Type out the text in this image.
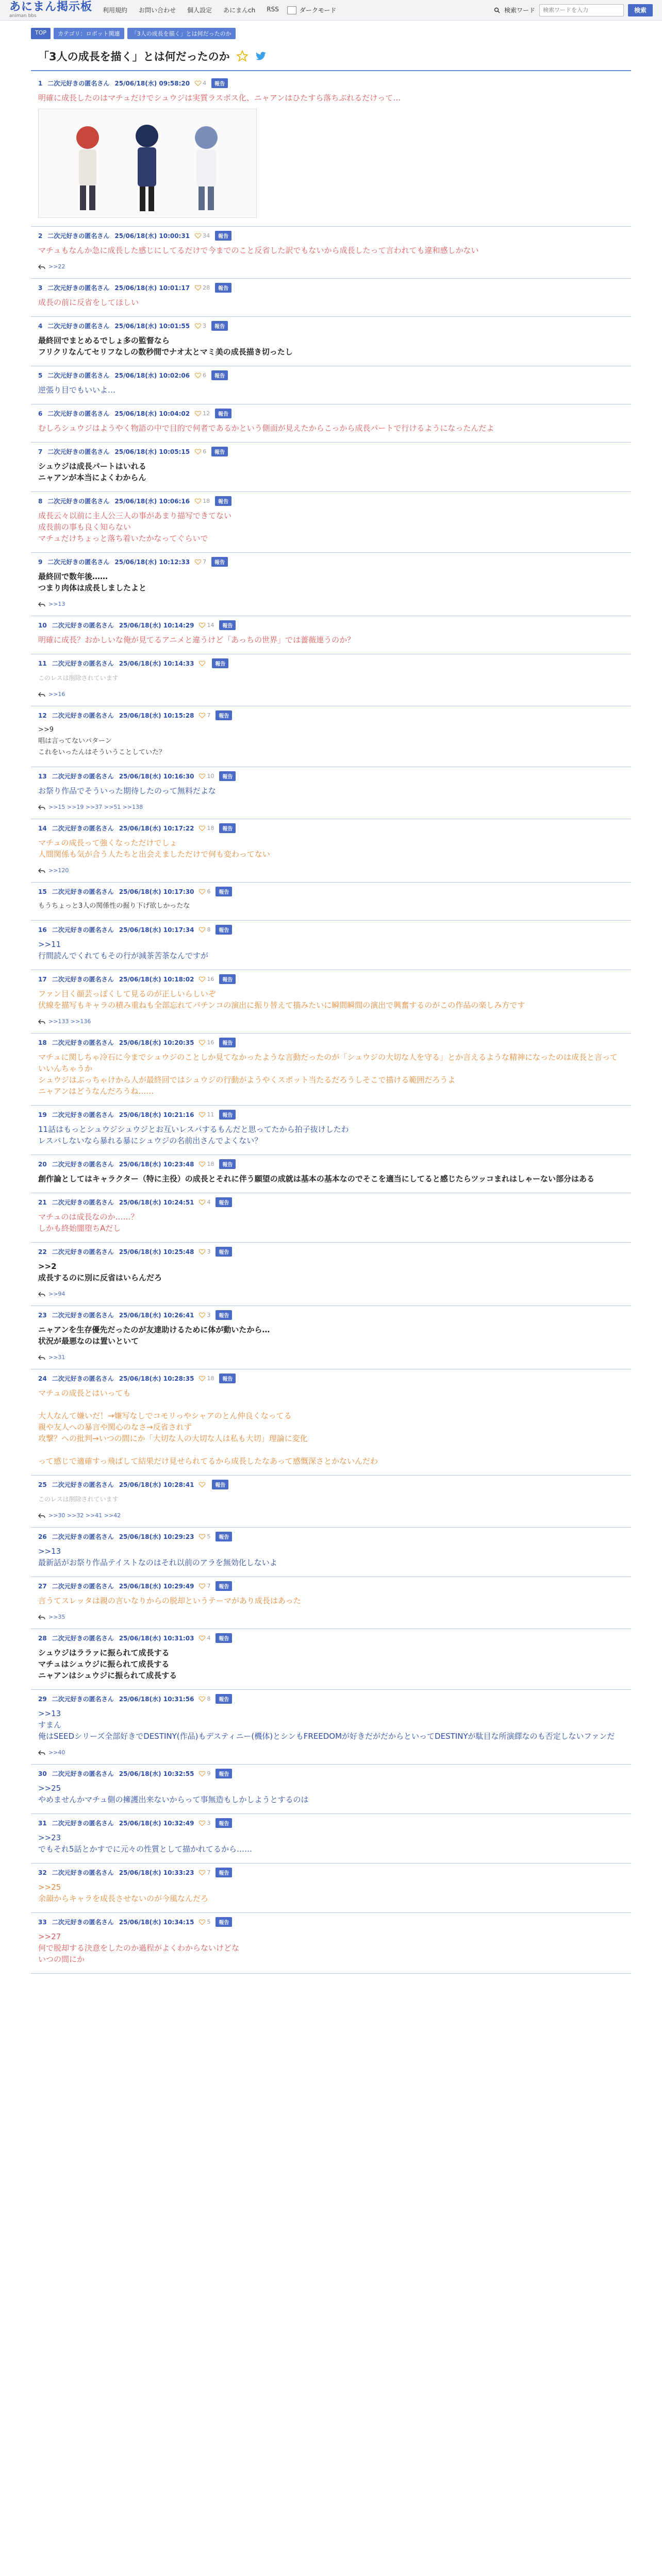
あにまん掲示板
animan bbs
利用規約 お問い合わせ 個人設定 あにまんch RSS	ダークモード	検索ワード
検索ワードを入力	検索
TOP	カテゴリ：ロボット関連	「3人の成長を描く」とは何だったのか
「3人の成長を描く」とは何だったのか
1 二次元好きの匿名さん 25/06/18(水) 09:58:20 4	報告
明確に成長したのはマチュだけでシュウジは実質ラスボス化、ニャアンはひたすら落ちぶれるだけって…
2 二次元好きの匿名さん 25/06/18(水) 10:00:31 34	報告
マチュもなんか急に成長した感じにしてるだけで今までのこと反省した訳でもないから成長したって言われても違和感しかない
>>22
3 二次元好きの匿名さん 25/06/18(水) 10:01:17 28	報告
成長の前に反省をしてほしい
4 二次元好きの匿名さん 25/06/18(水) 10:01:55 3	報告
最終回でまとめるでしょ多の監督なら
フリクリなんてセリフなしの数秒間でナオ太とマミ美の成長描き切ったし
5 二次元好きの匿名さん 25/06/18(水) 10:02:06 6	報告
逆張り目でもいいよ…
6 二次元好きの匿名さん 25/06/18(水) 10:04:02 12	報告
むしろシュウジはようやく物語の中で目的で何者であるかという側面が見えたからこっから成長パートで行けるようになったんだよ
7 二次元好きの匿名さん 25/06/18(水) 10:05:15 6	報告
シュウジは成長パートはいれる
ニャアンが本当によくわからん
8 二次元好きの匿名さん 25/06/18(水) 10:06:16 18	報告
成長云々以前に主人公三人の事があまり描写できてない
成長前の事も良く知らない
マチュだけちょっと落ち着いたかなってぐらいで
9 二次元好きの匿名さん 25/06/18(水) 10:12:33 7	報告
最終回で数年後……
つまり肉体は成長しましたよと
>>13
10 二次元好きの匿名さん 25/06/18(水) 10:14:29 14	報告
明確に成長？おかしいな俺が見てるアニメと違うけど「あっちの世界」では薔薇連うのか？
11 二次元好きの匿名さん 25/06/18(水) 10:14:33	報告
このレスは削除されています
>>16
12 二次元好きの匿名さん 25/06/18(水) 10:15:28 7	報告
>>9
唱は言ってないパターン
これをいったんはそういうことしていた？
13 二次元好きの匿名さん 25/06/18(水) 10:16:30 10	報告
お祭り作品でそういった期待したのって無料だよな
>>15 >>19 >>37 >>51 >>138
14 二次元好きの匿名さん 25/06/18(水) 10:17:22 18	報告
マチュの成長って強くなっただけでしょ
人間関係も気が合う人たちと出会えましただけで何も変わってない
>>120
15 二次元好きの匿名さん 25/06/18(水) 10:17:30 6	報告
もうちょっと3人の関係性の掘り下げ欲しかったな
16 二次元好きの匿名さん 25/06/18(水) 10:17:34 8	報告
>>11
行間読んでくれてもその行が減茶苦茶なんですが
17 二次元好きの匿名さん 25/06/18(水) 10:18:02 16	報告
ファン目く顔芸っぽくして見るのが正しいらしいぞ
伏線を描写もキャラの積み重ねも全部忘れてパチンコの演出に振り替えて描みたいに瞬間瞬間の演出で興奮するのがこの作品の楽しみ方です
>>133 >>136
18 二次元好きの匿名さん 25/06/18(水) 10:20:35 16	報告
マチュに関しちゃ冷石に今までシュウジのことしか見てなかったような言動だったのが「シュウジの大切な人を守る」とか言えるような精神になったのは成長と言っていいんちゃうか
シュウジはぶっちゃけから人が最終回ではシュウジの行動がようやくスポット当たるだろうしそこで描ける範囲だろうよ
ニャアンはどうなんだろうね……
19 二次元好きの匿名さん 25/06/18(水) 10:21:16 11	報告
11話はもっとシュウジシュウジとお互いレスバするもんだと思ってたから拍子抜けしたわ
レスバしないなら暴れる暴にシュウジの名前出さんでよくない？
20 二次元好きの匿名さん 25/06/18(水) 10:23:48 18	報告
創作論としてはキャラクター（特に主役）の成長とそれに伴う願望の成就は基本の基本なのでそこを適当にしてると感じたらツッコまれはしゃーない部分はある
21 二次元好きの匿名さん 25/06/18(水) 10:24:51 4	報告
マチュのは成長なのか……？
しかも終始闇堕ちAだし
22 二次元好きの匿名さん 25/06/18(水) 10:25:48 3	報告
>>2
成長するのに別に反省はいらんだろ
>>94
23 二次元好きの匿名さん 25/06/18(水) 10:26:41 3	報告
ニャアンを生存優先だったのが友達助けるために体が動いたから…
状況が最悪なのは置いといて
>>31
24 二次元好きの匿名さん 25/06/18(水) 10:28:35 18	報告
マチュの成長とはいっても

大人なんて嫌いだ！→嫌写なしでコモリっやシャアのとん仲良くなってる
親や友人への暴言や関心のなさ→反省されず
攻撃？への批判→いつの間にか「大切な人の大切な人は私も大切」理論に変化

って感じで適確すっ飛ばして結果だけ見せられてるから成長したなあって感慨深さとかないんだわ
25 二次元好きの匿名さん 25/06/18(水) 10:28:41	報告
このレスは削除されています
>>30 >>32 >>41 >>42
26 二次元好きの匿名さん 25/06/18(水) 10:29:23 5	報告
>>13
最新話がお祭り作品テイストなのはそれ以前のアラを無効化しないよ
27 二次元好きの匿名さん 25/06/18(水) 10:29:49 7	報告
言うてスレッタは親の言いなりからの脱却というテーマがあり成長はあった
>>35
28 二次元好きの匿名さん 25/06/18(水) 10:31:03 4	報告
シュウジはララァに振られて成長する
マチュはシュウジに振られて成長する
ニャアンはシュウジに振られて成長する
29 二次元好きの匿名さん 25/06/18(水) 10:31:56 8	報告
>>13
すまん
俺はSEEDシリーズ全部好きでDESTINY(作品)もデスティニー(機体)とシンもFREEDOMが好きだがだからといってDESTINYが駄目な所演繹なのも否定しないファンだ
>>40
30 二次元好きの匿名さん 25/06/18(水) 10:32:55 9	報告
>>25
やめませんかマチュ側の擁護出来ないからって事無造もしかしようとするのは
31 二次元好きの匿名さん 25/06/18(水) 10:32:49 3	報告
>>23
でもそれ5話とかすでに元々の性質として描かれてるから……
32 二次元好きの匿名さん 25/06/18(水) 10:33:23 7	報告
>>25
余韻からキャラを成長させないのが今風なんだろ
33 二次元好きの匿名さん 25/06/18(水) 10:34:15 5	報告
>>27
何で脱却する決意をしたのか過程がよくわからないけどな
いつの間にか
